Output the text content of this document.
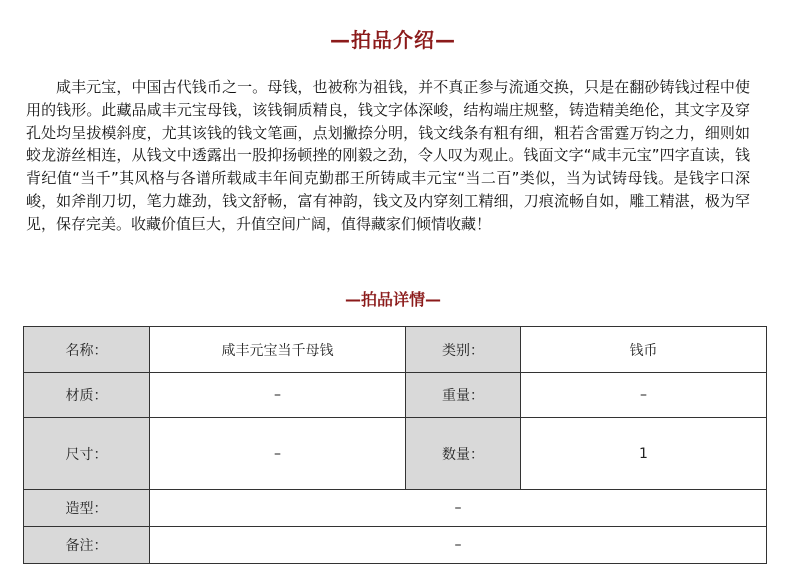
—拍品介绍—

咸丰元宝，中国古代钱币之一。母钱，也被称为祖钱，并不真正参与流通交换，只是在翻砂铸钱过程中使用的钱形。此藏品咸丰元宝母钱，该钱铜质精良，钱文字体深峻，结构端庄规整，铸造精美绝伦，其文字及穿孔处均呈拔模斜度，尤其该钱的钱文笔画，点划撇捺分明，钱文线条有粗有细，粗若含雷霆万钧之力，细则如蛟龙游丝相连，从钱文中透露出一股抑扬顿挫的刚毅之劲，令人叹为观止。钱面文字“咸丰元宝”四字直读，钱背纪值“当千”其风格与各谱所载咸丰年间克勤郡王所铸咸丰元宝“当二百”类似，当为试铸母钱。是钱字口深峻，如斧削刀切，笔力雄劲，钱文舒畅，富有神韵，钱文及内穿刻工精细，刀痕流畅自如，雕工精湛，极为罕见，保存完美。收藏价值巨大，升值空间广阔，值得藏家们倾情收藏！

—拍品详情—
名称：	咸丰元宝当千母钱	类别：	钱币
材质：	–	重量：	–
尺寸：	–	数量：	1
造型：	–		
备注：	–		
